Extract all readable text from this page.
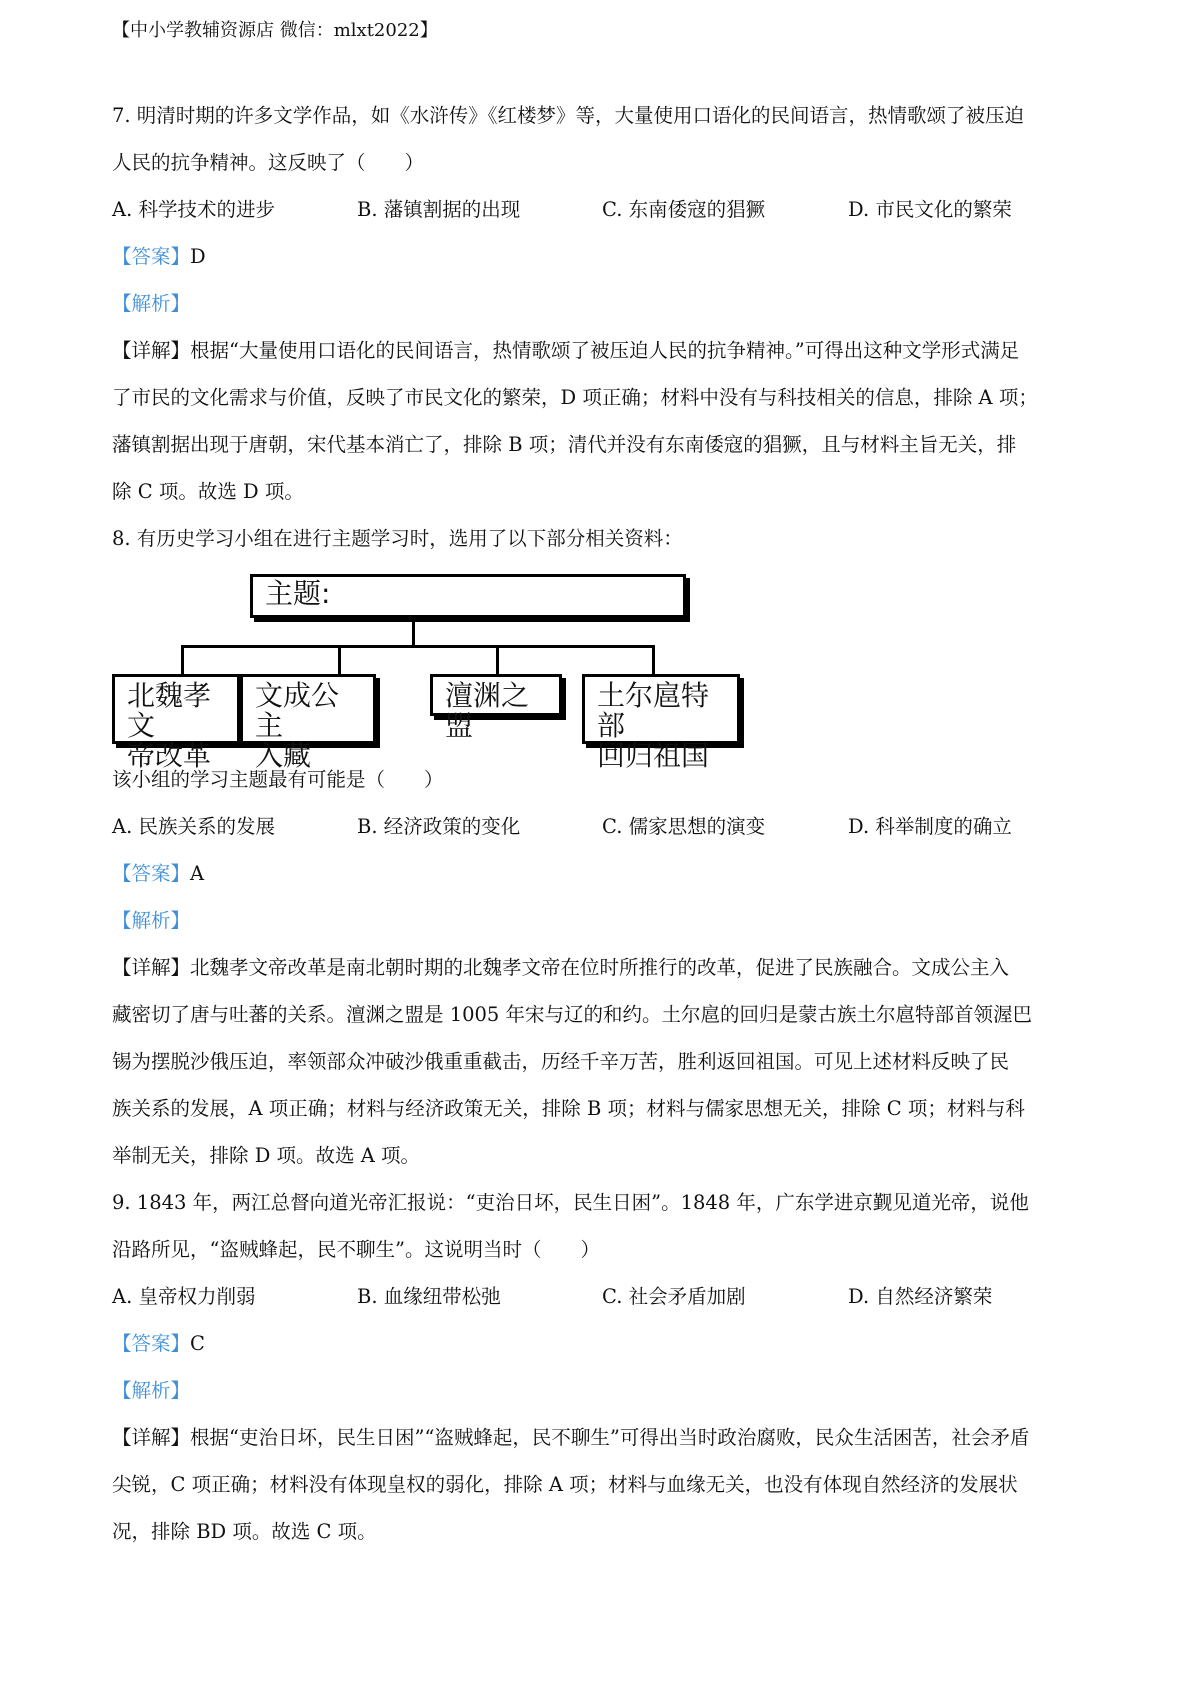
【中小学教辅资源店 微信：mlxt2022】
7. 明清时期的许多文学作品，如《水浒传》《红楼梦》等，大量使用口语化的民间语言，热情歌颂了被压迫
人民的抗争精神。这反映了（　　）
A. 科学技术的进步	B. 藩镇割据的出现	C. 东南倭寇的猖獗	D. 市民文化的繁荣
【答案】D
【解析】
【详解】根据“大量使用口语化的民间语言，热情歌颂了被压迫人民的抗争精神。”可得出这种文学形式满足
了市民的文化需求与价值，反映了市民文化的繁荣，D 项正确；材料中没有与科技相关的信息，排除 A 项；
藩镇割据出现于唐朝，宋代基本消亡了，排除 B 项；清代并没有东南倭寇的猖獗，且与材料主旨无关，排
除 C 项。故选 D 项。
8. 有历史学习小组在进行主题学习时，选用了以下部分相关资料：
主题:
北魏孝文
帝改革
文成公主
入藏
澶渊之盟
土尔扈特部
回归祖国
该小组的学习主题最有可能是（　　）
A. 民族关系的发展	B. 经济政策的变化	C. 儒家思想的演变	D. 科举制度的确立
【答案】A
【解析】
【详解】北魏孝文帝改革是南北朝时期的北魏孝文帝在位时所推行的改革，促进了民族融合。文成公主入
藏密切了唐与吐蕃的关系。澶渊之盟是 1005 年宋与辽的和约。土尔扈的回归是蒙古族土尔扈特部首领渥巴
锡为摆脱沙俄压迫，率领部众冲破沙俄重重截击，历经千辛万苦，胜利返回祖国。可见上述材料反映了民
族关系的发展，A 项正确；材料与经济政策无关，排除 B 项；材料与儒家思想无关，排除 C 项；材料与科
举制无关，排除 D 项。故选 A 项。
9. 1843 年，两江总督向道光帝汇报说：“吏治日坏，民生日困”。1848 年，广东学进京觐见道光帝，说他
沿路所见，“盗贼蜂起，民不聊生”。这说明当时（　　）
A. 皇帝权力削弱	B. 血缘纽带松弛	C. 社会矛盾加剧	D. 自然经济繁荣
【答案】C
【解析】
【详解】根据“吏治日坏，民生日困”“盗贼蜂起，民不聊生”可得出当时政治腐败，民众生活困苦，社会矛盾
尖锐，C 项正确；材料没有体现皇权的弱化，排除 A 项；材料与血缘无关，也没有体现自然经济的发展状
况，排除 BD 项。故选 C 项。
